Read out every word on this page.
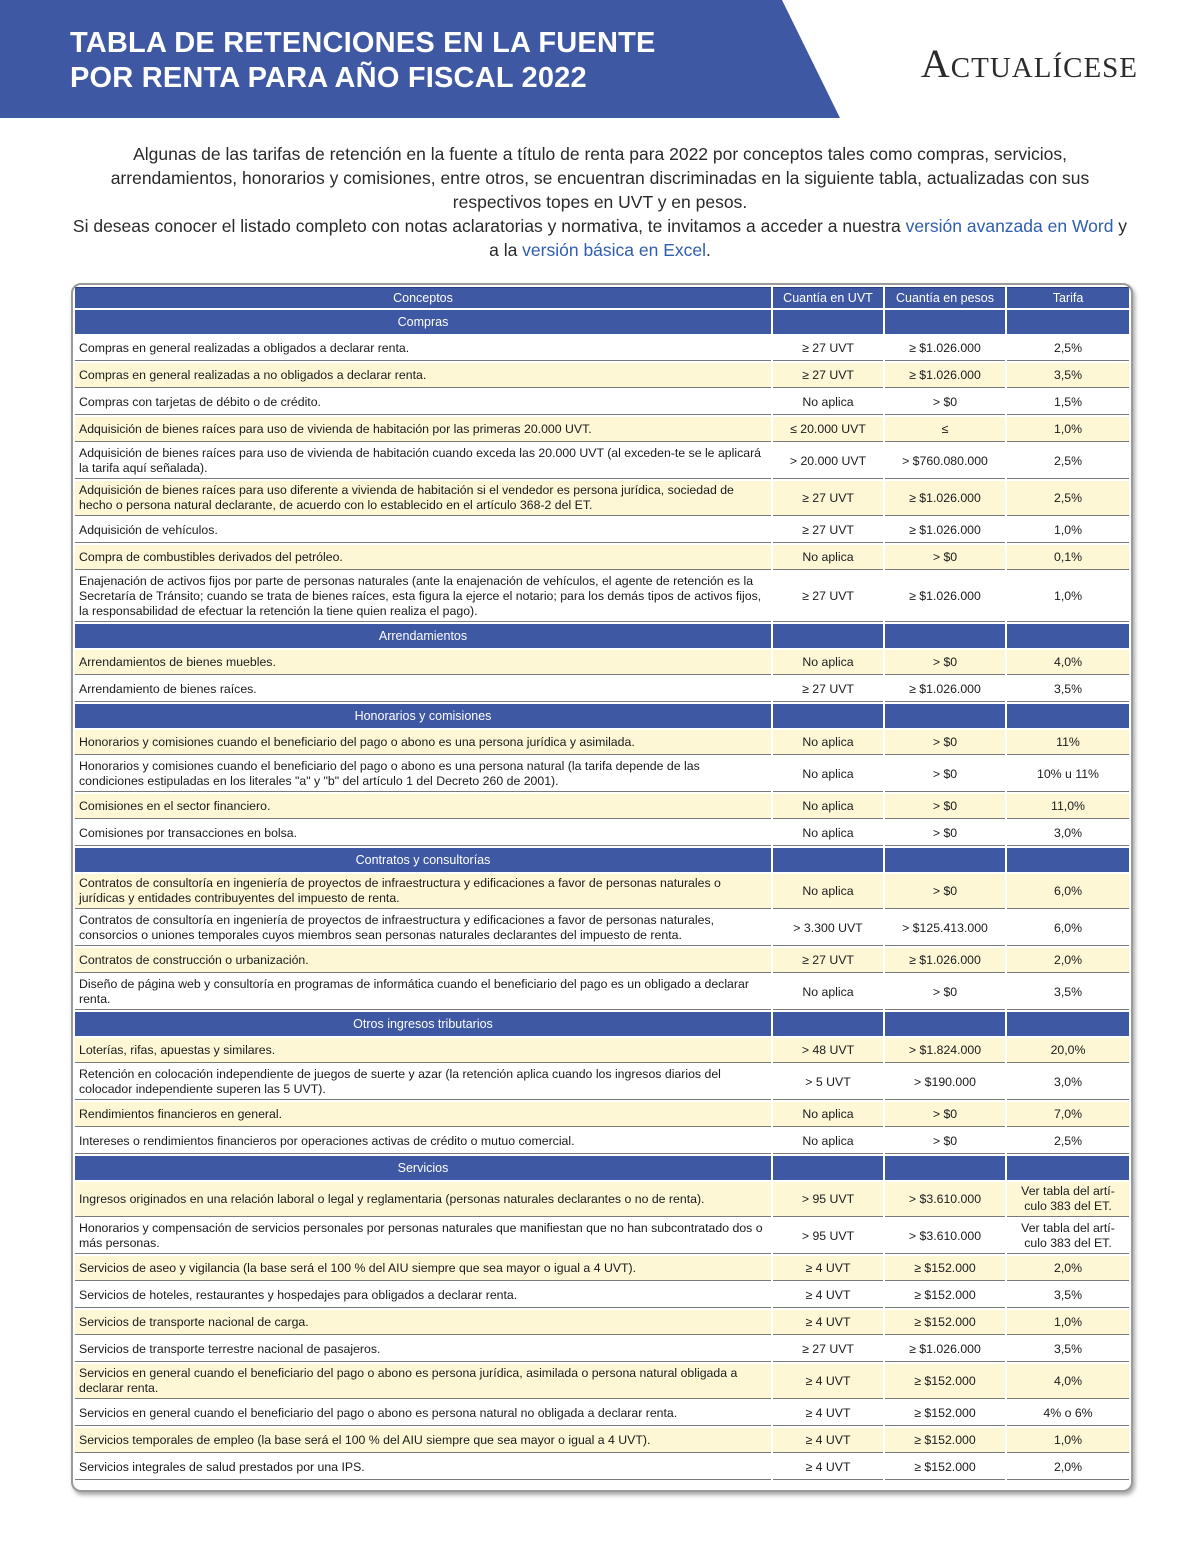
TABLA DE RETENCIONES EN LA FUENTE
POR RENTA PARA AÑO FISCAL 2022	ACTUALÍCESE

Algunas de las tarifas de retención en la fuente a título de renta para 2022 por conceptos tales como compras, servicios, arrendamientos, honorarios y comisiones, entre otros, se encuentran discriminadas en la siguiente tabla, actualizadas con sus respectivos topes en UVT y en pesos.

Si deseas conocer el listado completo con notas aclaratorias y normativa, te invitamos a acceder a nuestra versión avanzada en Word y a la versión básica en Excel.

Conceptos	Cuantía en UVT	Cuantía en pesos	Tarifa
Compras			
Compras en general realizadas a obligados a declarar renta.	≥ 27 UVT	≥ $1.026.000	2,5%
Compras en general realizadas a no obligados a declarar renta.	≥ 27 UVT	≥ $1.026.000	3,5%
Compras con tarjetas de débito o de crédito.	No aplica	> $0	1,5%
Adquisición de bienes raíces para uso de vivienda de habitación por las primeras 20.000 UVT.	≤ 20.000 UVT	≤	1,0%
Adquisición de bienes raíces para uso de vivienda de habitación cuando exceda las 20.000 UVT (al exceden-te se le aplicará la tarifa aquí señalada).	> 20.000 UVT	> $760.080.000	2,5%
Adquisición de bienes raíces para uso diferente a vivienda de habitación si el vendedor es persona jurídica, sociedad de hecho o persona natural declarante, de acuerdo con lo establecido en el artículo 368-2 del ET.	≥ 27 UVT	≥ $1.026.000	2,5%
Adquisición de vehículos.	≥ 27 UVT	≥ $1.026.000	1,0%
Compra de combustibles derivados del petróleo.	No aplica	> $0	0,1%
Enajenación de activos fijos por parte de personas naturales (ante la enajenación de vehículos, el agente de retención es la Secretaría de Tránsito; cuando se trata de bienes raíces, esta figura la ejerce el notario; para los demás tipos de activos fijos, la responsabilidad de efectuar la retención la tiene quien realiza el pago).	≥ 27 UVT	≥ $1.026.000	1,0%
Arrendamientos			
Arrendamientos de bienes muebles.	No aplica	> $0	4,0%
Arrendamiento de bienes raíces.	≥ 27 UVT	≥ $1.026.000	3,5%
Honorarios y comisiones			
Honorarios y comisiones cuando el beneficiario del pago o abono es una persona jurídica y asimilada.	No aplica	> $0	11%
Honorarios y comisiones cuando el beneficiario del pago o abono es una persona natural (la tarifa depende de las condiciones estipuladas en los literales "a" y "b" del artículo 1 del Decreto 260 de 2001).	No aplica	> $0	10% u 11%
Comisiones en el sector financiero.	No aplica	> $0	11,0%
Comisiones por transacciones en bolsa.	No aplica	> $0	3,0%
Contratos y consultorías			
Contratos de consultoría en ingeniería de proyectos de infraestructura y edificaciones a favor de personas naturales o jurídicas y entidades contribuyentes del impuesto de renta.	No aplica	> $0	6,0%
Contratos de consultoría en ingeniería de proyectos de infraestructura y edificaciones a favor de personas naturales, consorcios o uniones temporales cuyos miembros sean personas naturales declarantes del impuesto de renta.	> 3.300 UVT	> $125.413.000	6,0%
Contratos de construcción o urbanización.	≥ 27 UVT	≥ $1.026.000	2,0%
Diseño de página web y consultoría en programas de informática cuando el beneficiario del pago es un obligado a declarar renta.	No aplica	> $0	3,5%
Otros ingresos tributarios			
Loterías, rifas, apuestas y similares.	> 48 UVT	> $1.824.000	20,0%
Retención en colocación independiente de juegos de suerte y azar (la retención aplica cuando los ingresos diarios del colocador independiente superen las 5 UVT).	> 5 UVT	> $190.000	3,0%
Rendimientos financieros en general.	No aplica	> $0	7,0%
Intereses o rendimientos financieros por operaciones activas de crédito o mutuo comercial.	No aplica	> $0	2,5%
Servicios			
Ingresos originados en una relación laboral o legal y reglamentaria (personas naturales declarantes o no de renta).	> 95 UVT	> $3.610.000	Ver tabla del artí-culo 383 del ET.
Honorarios y compensación de servicios personales por personas naturales que manifiestan que no han subcontratado dos o más personas.	> 95 UVT	> $3.610.000	Ver tabla del artí-culo 383 del ET.
Servicios de aseo y vigilancia (la base será el 100 % del AIU siempre que sea mayor o igual a 4 UVT).	≥ 4 UVT	≥ $152.000	2,0%
Servicios de hoteles, restaurantes y hospedajes para obligados a declarar renta.	≥ 4 UVT	≥ $152.000	3,5%
Servicios de transporte nacional de carga.	≥ 4 UVT	≥ $152.000	1,0%
Servicios de transporte terrestre nacional de pasajeros.	≥ 27 UVT	≥ $1.026.000	3,5%
Servicios en general cuando el beneficiario del pago o abono es persona jurídica, asimilada o persona natural obligada a declarar renta.	≥ 4 UVT	≥ $152.000	4,0%
Servicios en general cuando el beneficiario del pago o abono es persona natural no obligada a declarar renta.	≥ 4 UVT	≥ $152.000	4% o 6%
Servicios temporales de empleo (la base será el 100 % del AIU siempre que sea mayor o igual a 4 UVT).	≥ 4 UVT	≥ $152.000	1,0%
Servicios integrales de salud prestados por una IPS.	≥ 4 UVT	≥ $152.000	2,0%
